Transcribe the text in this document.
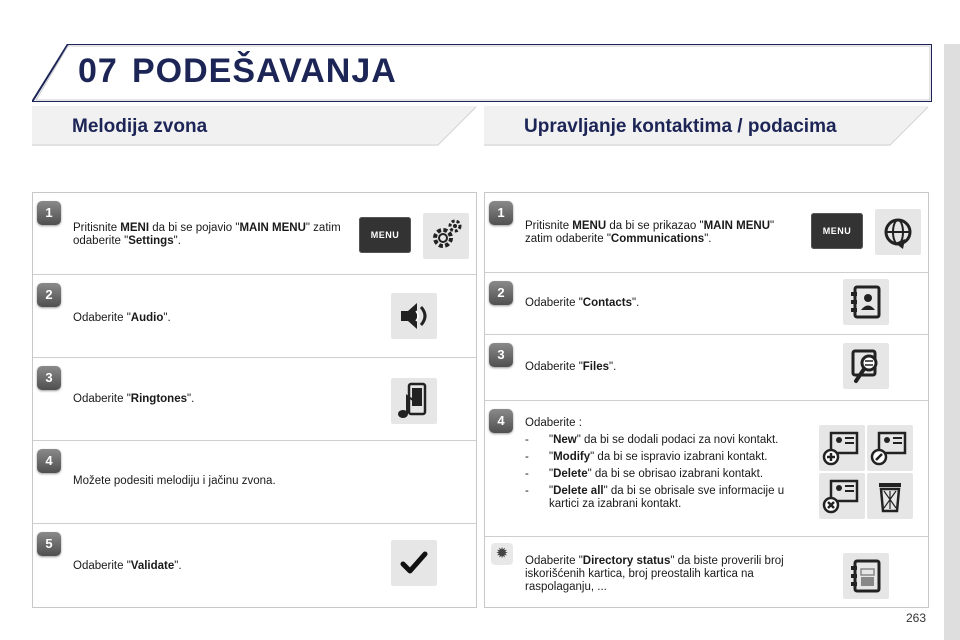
07 PODEŠAVANJA
Melodija zvona	Upravljanje kontaktima / podacima
1
Pritisnite MENI da bi se pojavio "MAIN MENU" zatim odaberite "Settings".	MENU
2
Odaberite "Audio".
3
Odaberite "Ringtones".
4
Možete podesiti melodiju i jačinu zvona.
5
Odaberite "Validate".
1
Pritisnite MENU da bi se prikazao "MAIN MENU" zatim odaberite "Communications".
MENU
2
Odaberite "Contacts".
3
Odaberite "Files".
4	Odaberite :
- "New" da bi se dodali podaci za novi kontakt.
- "Modify" da bi se ispravio izabrani kontakt.
- "Delete" da bi se obrisao izabrani kontakt.
- "Delete all" da bi se obrisale sve informacije u kartici za izabrani kontakt.
✹	Odaberite "Directory status" da biste proverili broj iskorišćenih kartica, broj preostalih kartica na raspolaganju, ...
263
